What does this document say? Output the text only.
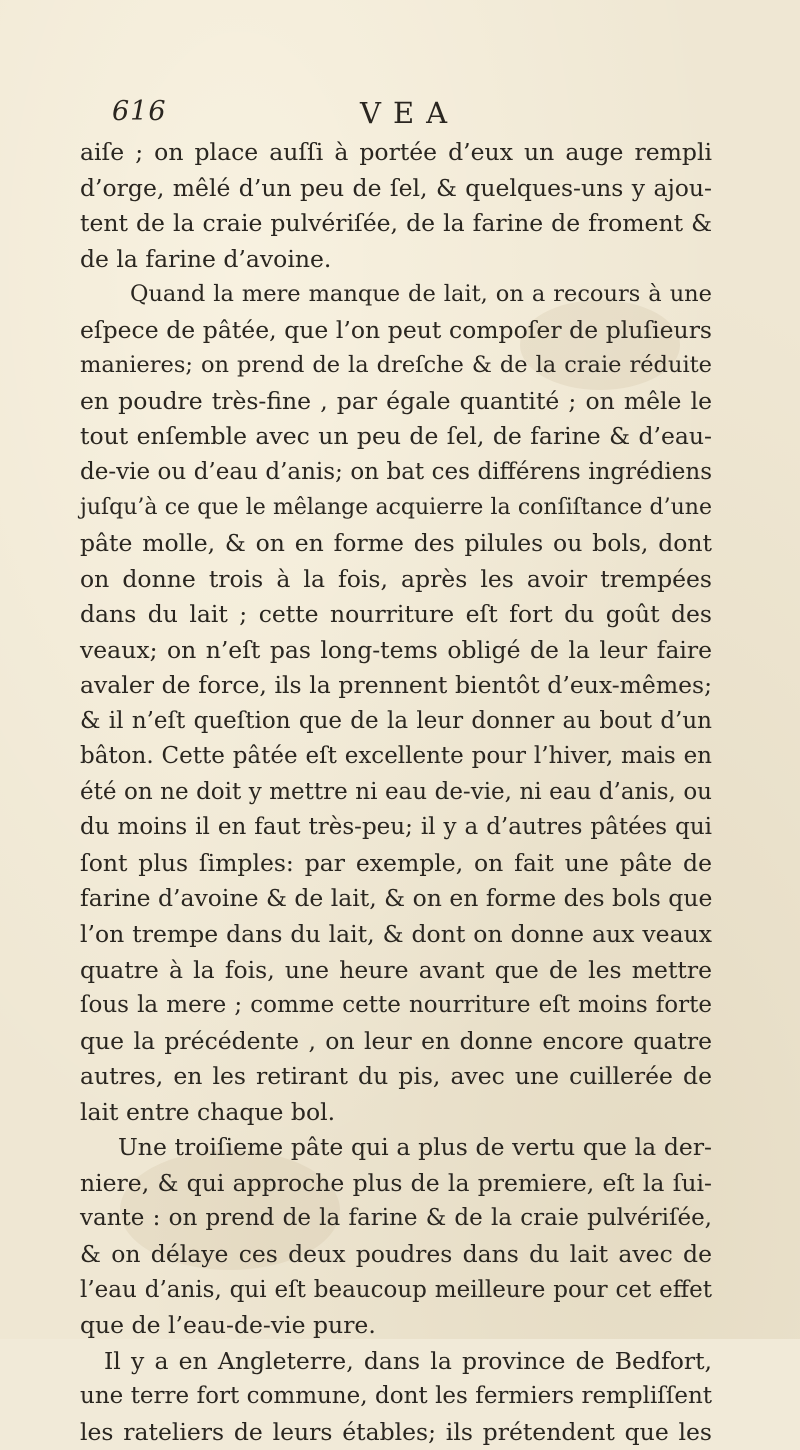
616	VEA
aiſe ; on place auſſi à portée d’eux un auge rempli
d’orge, mêlé d’un peu de ſel, & quelques-uns y ajou-
tent de la craie pulvériſée, de la farine de froment &
de la farine d’avoine.
Quand la mere manque de lait, on a recours à une
eſpece de pâtée, que l’on peut compoſer de pluſieurs
manieres; on prend de la dreſche & de la craie réduite
en poudre très-fine , par égale quantité ; on mêle le
tout enſemble avec un peu de ſel, de farine & d’eau-
de-vie ou d’eau d’anis; on bat ces différens ingrédiens
juſqu’à ce que le mêlange acquierre la conſiſtance d’une
pâte molle, & on en forme des pilules ou bols, dont
on donne trois à la fois, après les avoir trempées
dans du lait ; cette nourriture eſt fort du goût des
veaux; on n’eſt pas long-tems obligé de la leur faire
avaler de force, ils la prennent bientôt d’eux-mêmes;
& il n’eſt queſtion que de la leur donner au bout d’un
bâton. Cette pâtée eſt excellente pour l’hiver, mais en
été on ne doit y mettre ni eau de-vie, ni eau d’anis, ou
du moins il en faut très-peu; il y a d’autres pâtées qui
ſont plus ſimples: par exemple, on fait une pâte de
farine d’avoine & de lait, & on en forme des bols que
l’on trempe dans du lait, & dont on donne aux veaux
quatre à la fois, une heure avant que de les mettre
ſous la mere ; comme cette nourriture eſt moins forte
que la précédente , on leur en donne encore quatre
autres, en les retirant du pis, avec une cuillerée de
lait entre chaque bol.
Une troiſieme pâte qui a plus de vertu que la der-
niere, & qui approche plus de la premiere, eſt la ſui-
vante : on prend de la farine & de la craie pulvériſée,
& on délaye ces deux poudres dans du lait avec de
l’eau d’anis, qui eſt beaucoup meilleure pour cet effet
que de l’eau-de-vie pure.
Il y a en Angleterre, dans la province de Bedfort,
une terre fort commune, dont les fermiers rempliſſent
les rateliers de leurs étables; ils prétendent que les
